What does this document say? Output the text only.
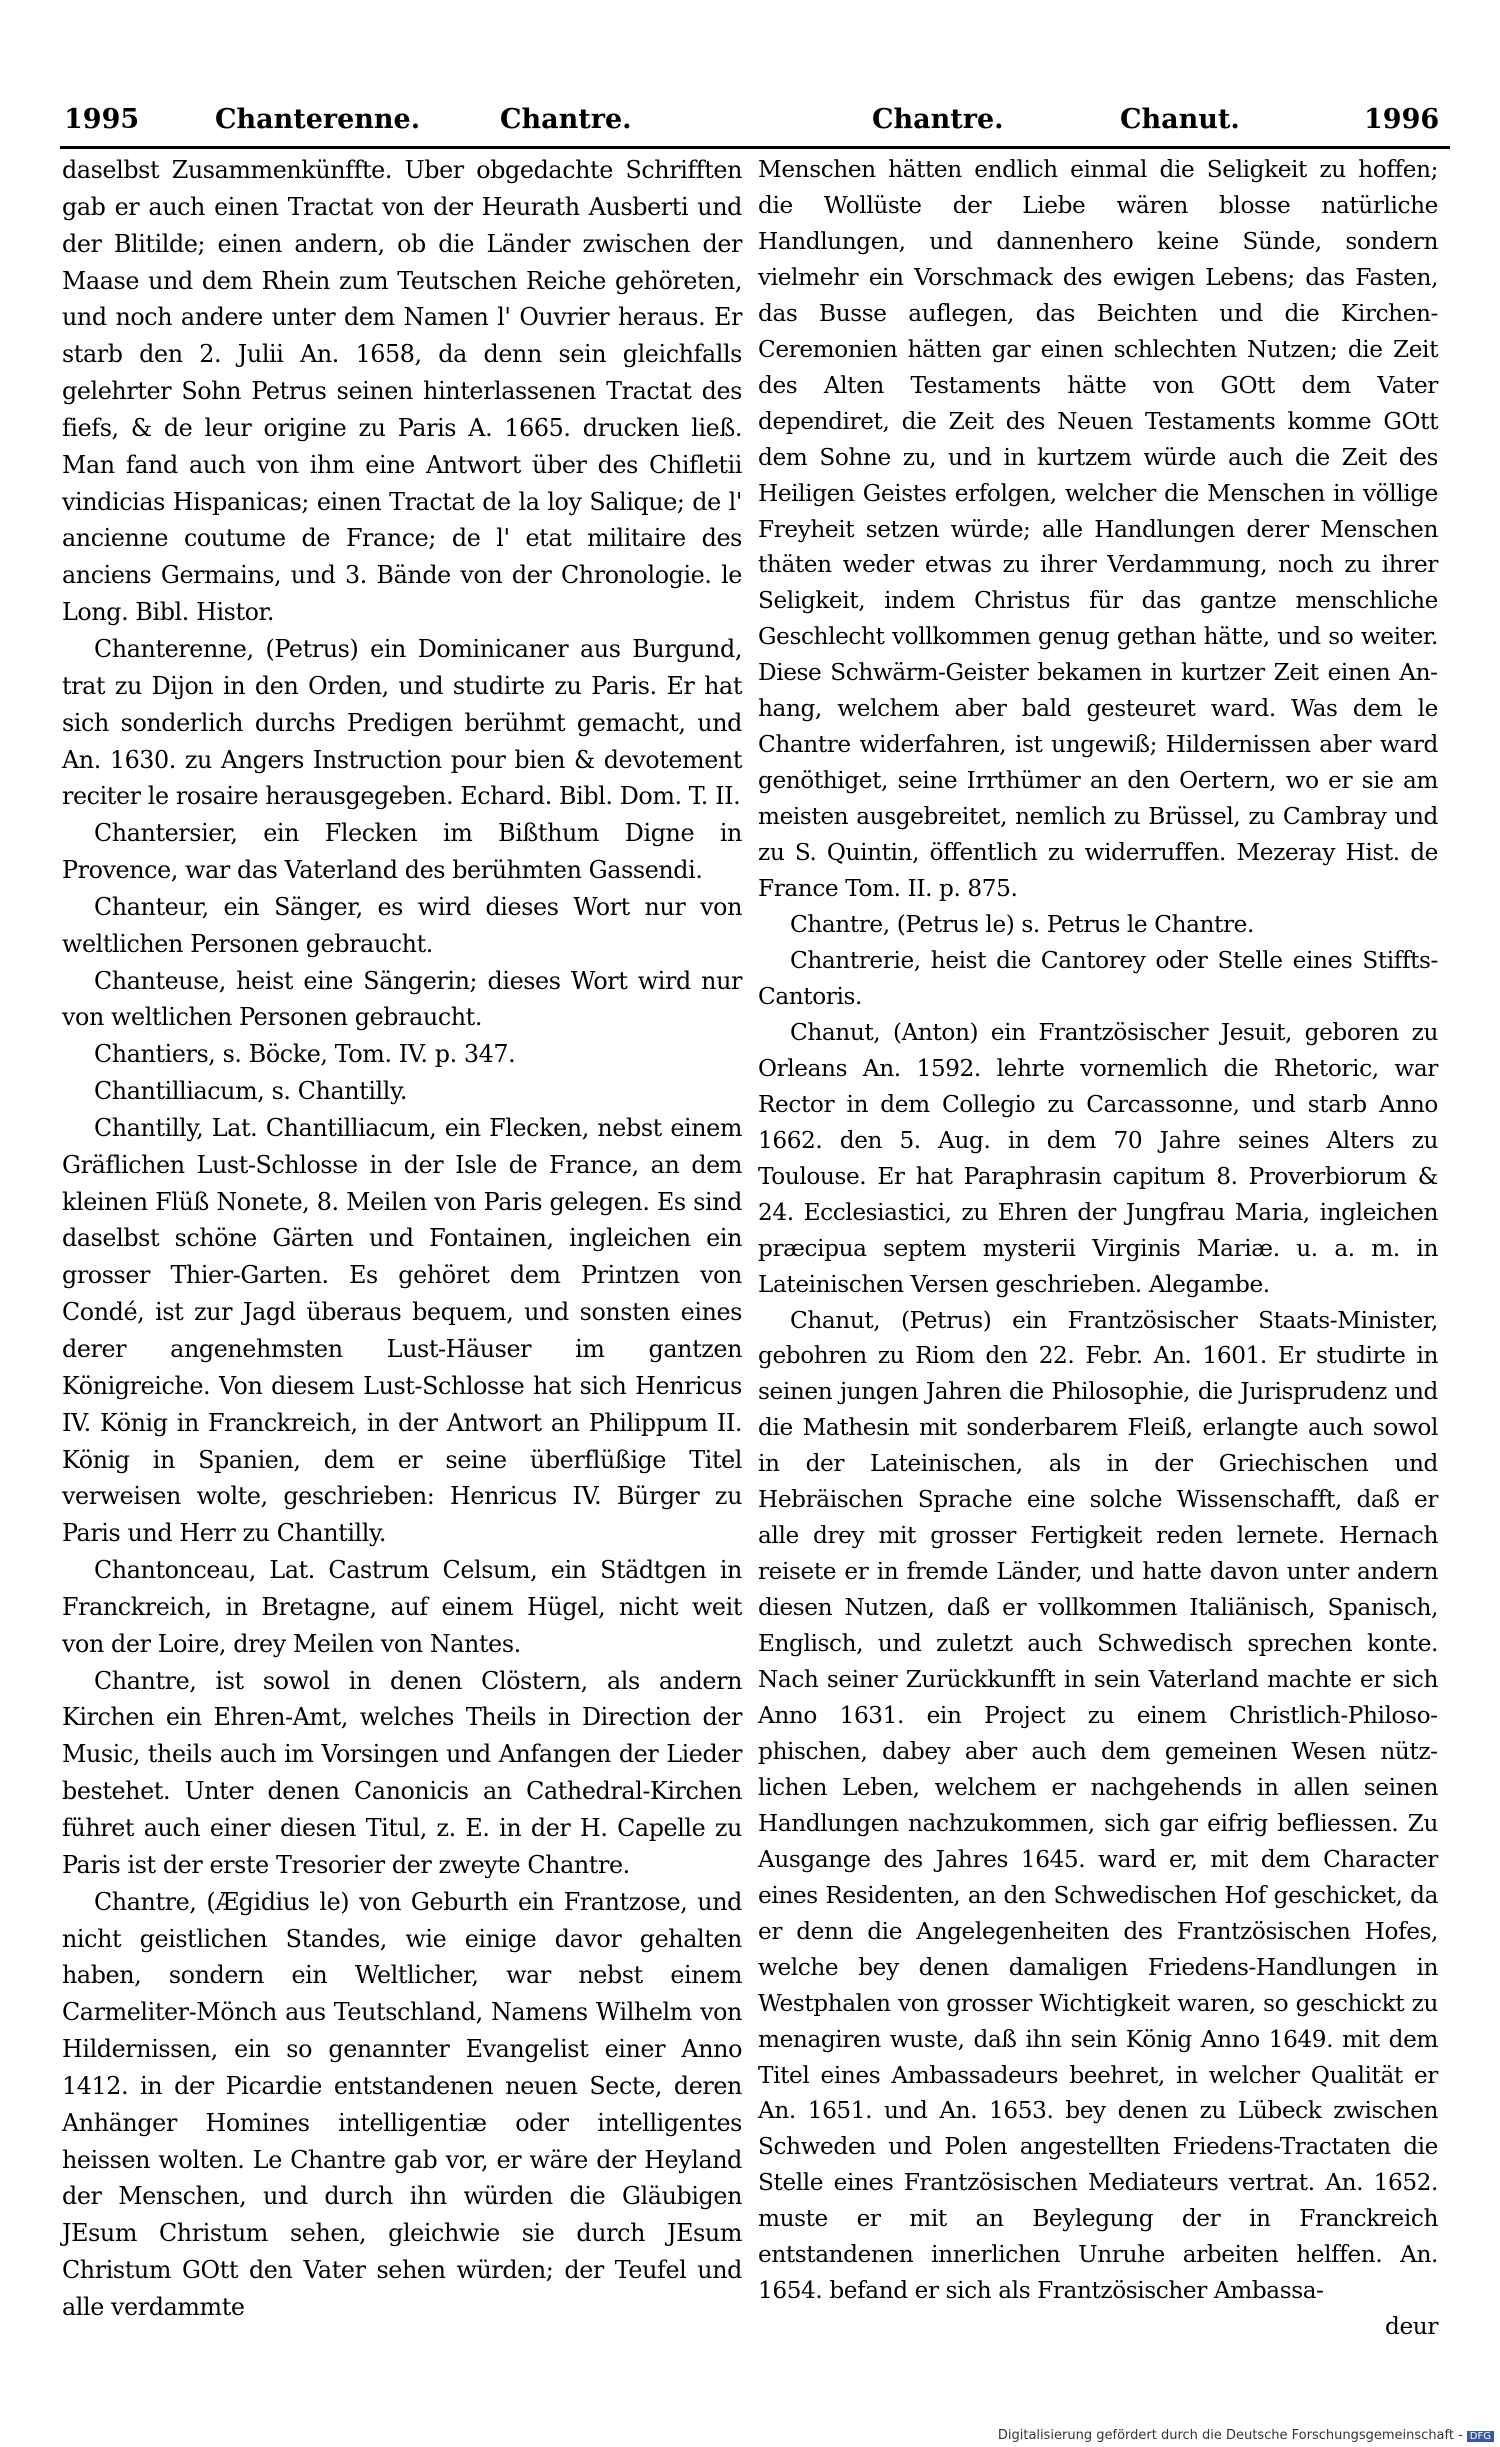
1995	Chanterenne.	Chantre.	Chantre.	Chanut.	1996

daselbst Zusammenkünffte. Uber obgedachte Schrifften gab er auch einen Tractat von der Heurath Ausberti und der Blitilde; einen andern, ob die Länder zwischen der Maase und dem Rhein zum Teutschen Reiche gehöreten, und noch andere unter dem Namen l' Ouvrier heraus. Er starb den 2. Julii An. 1658, da denn sein gleichfalls gelehrter Sohn Petrus seinen hinterlassenen Tractat des fiefs, & de leur origine zu Paris A. 1665. drucken ließ. Man fand auch von ihm eine Antwort über des Chifletii vindicias Hispanicas; einen Tractat de la loy Salique; de l' ancienne coutume de France; de l' etat militaire des anciens Germains, und 3. Bände von der Chronologie. le Long. Bibl. Histor.

Chanterenne, (Petrus) ein Dominicaner aus Burgund, trat zu Dijon in den Orden, und studirte zu Paris. Er hat sich sonderlich durchs Predigen berühmt gemacht, und An. 1630. zu Angers Instruction pour bien & devotement reciter le rosaire herausgegeben. Echard. Bibl. Dom. T. II.

Chantersier, ein Flecken im Bißthum Digne in Provence, war das Vaterland des berühmten Gassendi.

Chanteur, ein Sänger, es wird dieses Wort nur von weltlichen Personen gebraucht.

Chanteuse, heist eine Sängerin; dieses Wort wird nur von weltlichen Personen gebraucht.

Chantiers, s. Böcke, Tom. IV. p. 347.

Chantilliacum, s. Chantilly.

Chantilly, Lat. Chantilliacum, ein Flecken, nebst einem Gräflichen Lust-Schlosse in der Isle de France, an dem kleinen Flüß Nonete, 8. Meilen von Paris gelegen. Es sind daselbst schöne Gärten und Fontainen, ingleichen ein grosser Thier-Garten. Es gehöret dem Printzen von Condé, ist zur Jagd überaus bequem, und sonsten eines derer angenehmsten Lust-Häuser im gantzen Königreiche. Von diesem Lust-Schlosse hat sich Henricus IV. König in Franckreich, in der Antwort an Philippum II. König in Spanien, dem er seine überflüßige Titel verweisen wolte, geschrieben: Henricus IV. Bürger zu Paris und Herr zu Chantilly.

Chantonceau, Lat. Castrum Celsum, ein Städtgen in Franckreich, in Bretagne, auf einem Hügel, nicht weit von der Loire, drey Meilen von Nantes.

Chantre, ist sowol in denen Clöstern, als andern Kirchen ein Ehren-Amt, welches Theils in Direction der Music, theils auch im Vorsingen und Anfangen der Lieder bestehet. Unter denen Canonicis an Cathedral-Kirchen führet auch einer diesen Titul, z. E. in der H. Capelle zu Paris ist der erste Tresorier der zweyte Chantre.

Chantre, (Ægidius le) von Geburth ein Frantzose, und nicht geistlichen Standes, wie einige davor gehalten haben, sondern ein Weltlicher, war nebst einem Carmeliter-Mönch aus Teutschland, Namens Wilhelm von Hildernissen, ein so genannter Evangelist einer Anno 1412. in der Picardie entstandenen neuen Secte, deren Anhänger Homines intelligentiæ oder intelligentes heissen wolten. Le Chantre gab vor, er wäre der Heyland der Menschen, und durch ihn würden die Gläubigen JEsum Christum sehen, gleichwie sie durch JEsum Christum GOtt den Vater sehen würden; der Teufel und alle verdammte

Menschen hätten endlich einmal die Seligkeit zu hoffen; die Wollüste der Liebe wären blosse natürliche Handlungen, und dannenhero keine Sünde, sondern vielmehr ein Vorschmack des ewigen Lebens; das Fasten, das Busse auflegen, das Beichten und die Kirchen-Ceremonien hätten gar einen schlechten Nutzen; die Zeit des Alten Testaments hätte von GOtt dem Vater dependiret, die Zeit des Neuen Testaments komme GOtt dem Sohne zu, und in kurtzem würde auch die Zeit des Heiligen Geistes erfolgen, welcher die Menschen in völlige Freyheit setzen würde; alle Handlungen derer Menschen thäten weder etwas zu ihrer Verdammung, noch zu ihrer Seligkeit, indem Christus für das gantze menschliche Geschlecht vollkommen genug gethan hätte, und so weiter. Diese Schwärm-Geister bekamen in kurtzer Zeit einen Anhang, welchem aber bald gesteuret ward. Was dem le Chantre widerfahren, ist ungewiß; Hildernissen aber ward genöthiget, seine Irrthümer an den Oertern, wo er sie am meisten ausgebreitet, nemlich zu Brüssel, zu Cambray und zu S. Quintin, öffentlich zu widerruffen. Mezeray Hist. de France Tom. II. p. 875.

Chantre, (Petrus le) s. Petrus le Chantre.

Chantrerie, heist die Cantorey oder Stelle eines Stiffts-Cantoris.

Chanut, (Anton) ein Frantzösischer Jesuit, geboren zu Orleans An. 1592. lehrte vornemlich die Rhetoric, war Rector in dem Collegio zu Carcassonne, und starb Anno 1662. den 5. Aug. in dem 70 Jahre seines Alters zu Toulouse. Er hat Paraphrasin capitum 8. Proverbiorum & 24. Ecclesiastici, zu Ehren der Jungfrau Maria, ingleichen præcipua septem mysterii Virginis Mariæ. u. a. m. in Lateinischen Versen geschrieben. Alegambe.

Chanut, (Petrus) ein Frantzösischer Staats-Minister, gebohren zu Riom den 22. Febr. An. 1601. Er studirte in seinen jungen Jahren die Philosophie, die Jurisprudenz und die Mathesin mit sonderbarem Fleiß, erlangte auch sowol in der Lateinischen, als in der Griechischen und Hebräischen Sprache eine solche Wissenschafft, daß er alle drey mit grosser Fertigkeit reden lernete. Hernach reisete er in fremde Länder, und hatte davon unter andern diesen Nutzen, daß er vollkommen Italiänisch, Spanisch, Englisch, und zuletzt auch Schwedisch sprechen konte. Nach seiner Zurückkunfft in sein Vaterland machte er sich Anno 1631. ein Project zu einem Christlich-Philosophischen, dabey aber auch dem gemeinen Wesen nützlichen Leben, welchem er nachgehends in allen seinen Handlungen nachzukommen, sich gar eifrig befliessen. Zu Ausgange des Jahres 1645. ward er, mit dem Character eines Residenten, an den Schwedischen Hof geschicket, da er denn die Angelegenheiten des Frantzösischen Hofes, welche bey denen damaligen Friedens-Handlungen in Westphalen von grosser Wichtigkeit waren, so geschickt zu menagiren wuste, daß ihn sein König Anno 1649. mit dem Titel eines Ambassadeurs beehret, in welcher Qualität er An. 1651. und An. 1653. bey denen zu Lübeck zwischen Schweden und Polen angestellten Friedens-Tractaten die Stelle eines Frantzösischen Mediateurs vertrat. An. 1652. muste er mit an Beylegung der in Franckreich entstandenen innerlichen Unruhe arbeiten helffen. An. 1654. befand er sich als Frantzösischer Ambassa-

deur

Digitalisierung gefördert durch die Deutsche Forschungsgemeinschaft - DFG
